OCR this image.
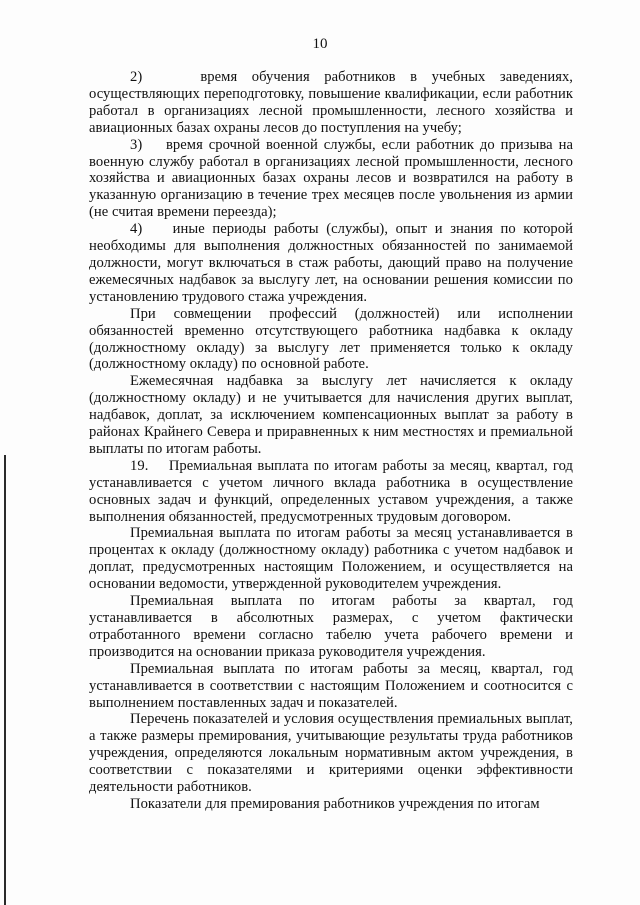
10

2)    время обучения работников в учебных заведениях, осуществляющих переподготовку, повышение квалификации, если работник работал в организациях лесной промышленности, лесного хозяйства и авиационных базах охраны лесов до поступления на учебу;

3)    время срочной военной службы, если работник до призыва на военную службу работал в организациях лесной промышленности, лесного хозяйства и авиационных базах охраны лесов и возвратился на работу в указанную организацию в течение трех месяцев после увольнения из армии (не считая времени переезда);

4)    иные периоды работы (службы), опыт и знания по которой необходимы для выполнения должностных обязанностей по занимаемой должности, могут включаться в стаж работы, дающий право на получение ежемесячных надбавок за выслугу лет, на основании решения комиссии по установлению трудового стажа учреждения.

При совмещении профессий (должностей) или исполнении обязанностей временно отсутствующего работника надбавка к окладу (должностному окладу) за выслугу лет применяется только к окладу (должностному окладу) по основной работе.

Ежемесячная надбавка за выслугу лет начисляется к окладу (должностному окладу) и не учитывается для начисления других выплат, надбавок, доплат, за исключением компенсационных выплат за работу в районах Крайнего Севера и приравненных к ним местностях и премиальной выплаты по итогам работы.

19.    Премиальная выплата по итогам работы за месяц, квартал, год устанавливается с учетом личного вклада работника в осуществление основных задач и функций, определенных уставом учреждения, а также выполнения обязанностей, предусмотренных трудовым договором.

Премиальная выплата по итогам работы за месяц устанавливается в процентах к окладу (должностному окладу) работника с учетом надбавок и доплат, предусмотренных настоящим Положением, и осуществляется на основании ведомости, утвержденной руководителем учреждения.

Премиальная выплата по итогам работы за квартал, год устанавливается в абсолютных размерах, с учетом фактически отработанного времени согласно табелю учета рабочего времени и производится на основании приказа руководителя учреждения.

Премиальная выплата по итогам работы за месяц, квартал, год устанавливается в соответствии с настоящим Положением и соотносится с выполнением поставленных задач и показателей.

Перечень показателей и условия осуществления премиальных выплат, а также размеры премирования, учитывающие результаты труда работников учреждения, определяются локальным нормативным актом учреждения, в соответствии с показателями и критериями оценки эффективности деятельности работников.

Показатели для премирования работников учреждения по итогам
